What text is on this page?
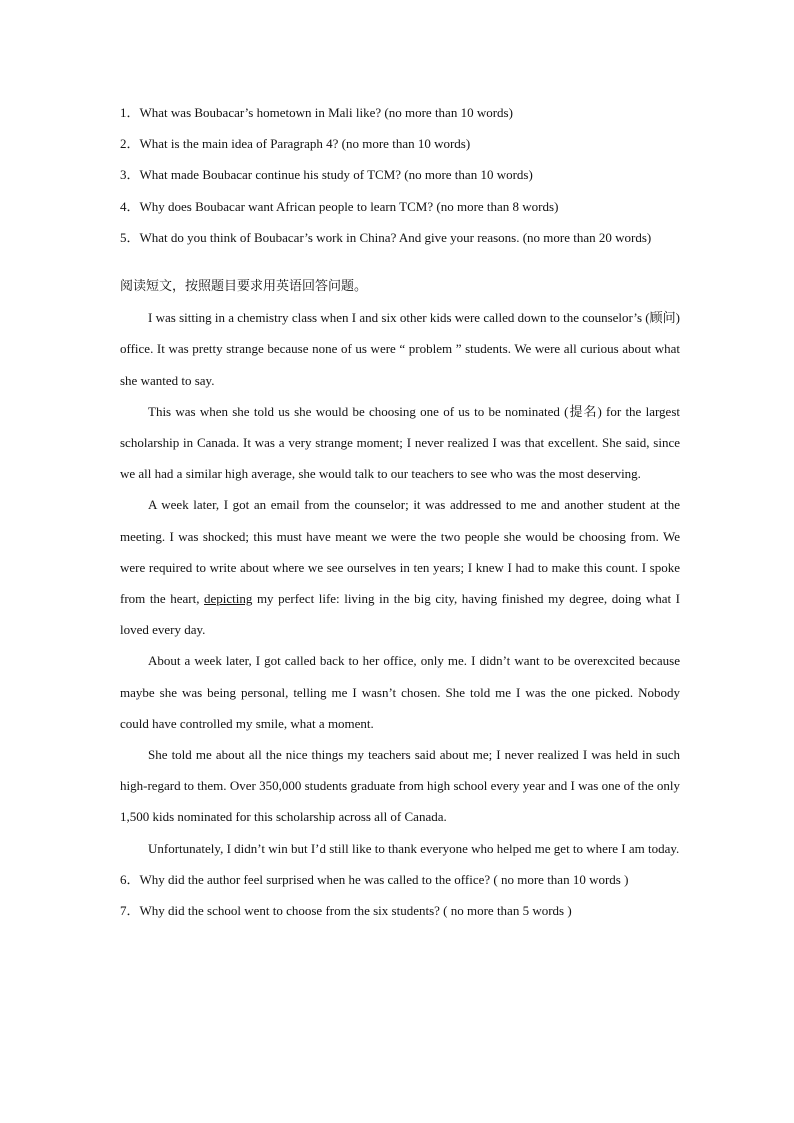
1．What was Boubacar’s hometown in Mali like? (no more than 10 words)

2．What is the main idea of Paragraph 4? (no more than 10 words)

3．What made Boubacar continue his study of TCM? (no more than 10 words)

4．Why does Boubacar want African people to learn TCM? (no more than 8 words)

5．What do you think of Boubacar’s work in China? And give your reasons. (no more than 20 words)

阅读短文，按照题目要求用英语回答问题。

I was sitting in a chemistry class when I and six other kids were called down to the counselor’s (顾问) office. It was pretty strange because none of us were “ problem ” students. We were all curious about what she wanted to say.

This was when she told us she would be choosing one of us to be nominated (提名) for the largest scholarship in Canada. It was a very strange moment; I never realized I was that excellent. She said, since we all had a similar high average, she would talk to our teachers to see who was the most deserving.

A week later, I got an email from the counselor; it was addressed to me and another student at the meeting. I was shocked; this must have meant we were the two people she would be choosing from. We were required to write about where we see ourselves in ten years; I knew I had to make this count. I spoke from the heart, depicting my perfect life: living in the big city, having finished my degree, doing what I loved every day.

About a week later, I got called back to her office, only me. I didn’t want to be overexcited because maybe she was being personal, telling me I wasn’t chosen. She told me I was the one picked. Nobody could have controlled my smile, what a moment.

She told me about all the nice things my teachers said about me; I never realized I was held in such high-regard to them. Over 350,000 students graduate from high school every year and I was one of the only 1,500 kids nominated for this scholarship across all of Canada.

Unfortunately, I didn’t win but I’d still like to thank everyone who helped me get to where I am today.

6．Why did the author feel surprised when he was called to the office? ( no more than 10 words )

7．Why did the school went to choose from the six students? ( no more than 5 words )
